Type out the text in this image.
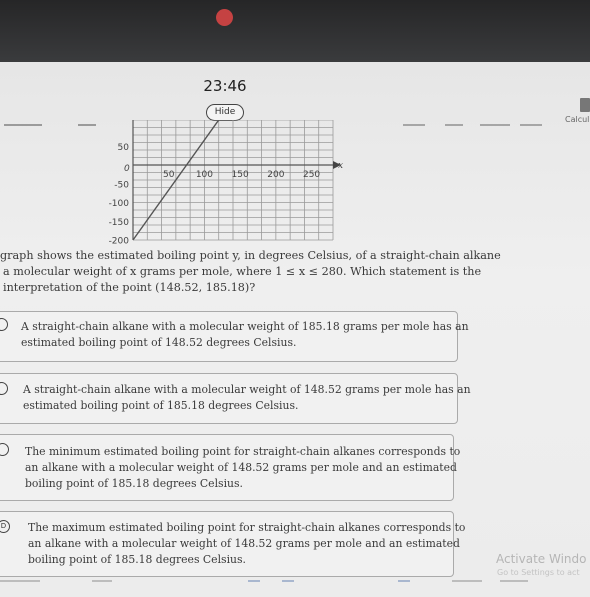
23:46
Hide
Calcul
x
0
50
-50
-100
-150
-200
50 100 150 200 250

graph shows the estimated boiling point y, in degrees Celsius, of a straight-chain alkane

a molecular weight of x grams per mole, where 1 ≤ x ≤ 280. Which statement is the

interpretation of the point (148.52, 185.18)?

A straight-chain alkane with a molecular weight of 185.18 grams per mole has an

estimated boiling point of 148.52 degrees Celsius.

A straight-chain alkane with a molecular weight of 148.52 grams per mole has an

estimated boiling point of 185.18 degrees Celsius.

The minimum estimated boiling point for straight-chain alkanes corresponds to

an alkane with a molecular weight of 148.52 grams per mole and an estimated

boiling point of 185.18 degrees Celsius.

D	The maximum estimated boiling point for straight-chain alkanes corresponds to

an alkane with a molecular weight of 148.52 grams per mole and an estimated

boiling point of 185.18 degrees Celsius.	Activate Windo
Go to Settings to act
